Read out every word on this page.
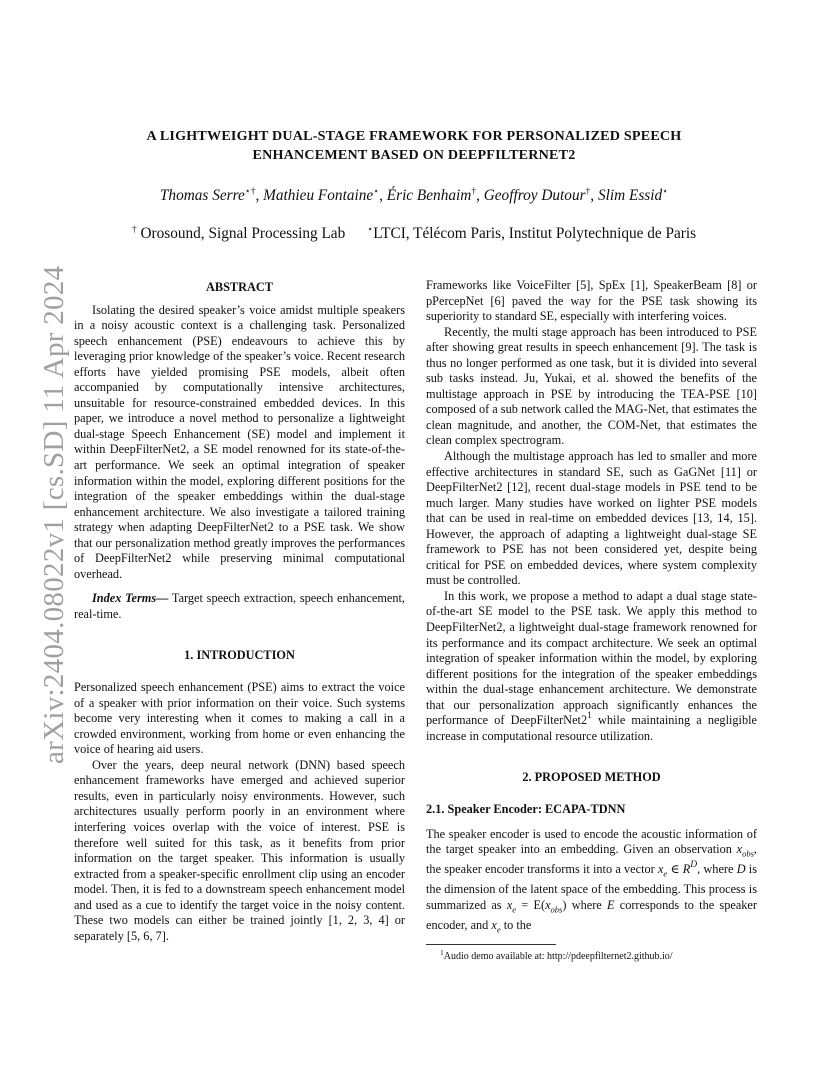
arXiv:2404.08022v1 [cs.SD] 11 Apr 2024
A LIGHTWEIGHT DUAL-STAGE FRAMEWORK FOR PERSONALIZED SPEECH
ENHANCEMENT BASED ON DEEPFILTERNET2
Thomas Serre⋆†, Mathieu Fontaine⋆, Éric Benhaim†, Geoffroy Dutour†, Slim Essid⋆
† Orosound, Signal Processing Lab ⋆LTCI, Télécom Paris, Institut Polytechnique de Paris
ABSTRACT

Isolating the desired speaker’s voice amidst multiple speakers in a noisy acoustic context is a challenging task. Personalized speech enhancement (PSE) endeavours to achieve this by leveraging prior knowledge of the speaker’s voice. Recent research efforts have yielded promising PSE models, albeit often accompanied by computationally intensive architectures, unsuitable for resource-constrained embedded devices. In this paper, we introduce a novel method to personalize a lightweight dual-stage Speech Enhancement (SE) model and implement it within DeepFilterNet2, a SE model renowned for its state-of-the-art performance. We seek an optimal integration of speaker information within the model, exploring different positions for the integration of the speaker embeddings within the dual-stage enhancement architecture. We also investigate a tailored training strategy when adapting DeepFilterNet2 to a PSE task. We show that our personalization method greatly improves the performances of DeepFilterNet2 while preserving minimal computational overhead.

Index Terms— Target speech extraction, speech enhancement, real-time.

1. INTRODUCTION

Personalized speech enhancement (PSE) aims to extract the voice of a speaker with prior information on their voice. Such systems become very interesting when it comes to making a call in a crowded environment, working from home or even enhancing the voice of hearing aid users.

Over the years, deep neural network (DNN) based speech enhancement frameworks have emerged and achieved superior results, even in particularly noisy environments. However, such architectures usually perform poorly in an environment where interfering voices overlap with the voice of interest. PSE is therefore well suited for this task, as it benefits from prior information on the target speaker. This information is usually extracted from a speaker-specific enrollment clip using an encoder model. Then, it is fed to a downstream speech enhancement model and used as a cue to identify the target voice in the noisy content. These two models can either be trained jointly [1, 2, 3, 4] or separately [5, 6, 7].

Frameworks like VoiceFilter [5], SpEx [1], SpeakerBeam [8] or pPercepNet [6] paved the way for the PSE task showing its superiority to standard SE, especially with interfering voices.

Recently, the multi stage approach has been introduced to PSE after showing great results in speech enhancement [9]. The task is thus no longer performed as one task, but it is divided into several sub tasks instead. Ju, Yukai, et al. showed the benefits of the multistage approach in PSE by introducing the TEA-PSE [10] composed of a sub network called the MAG-Net, that estimates the clean magnitude, and another, the COM-Net, that estimates the clean complex spectrogram.

Although the multistage approach has led to smaller and more effective architectures in standard SE, such as GaGNet [11] or DeepFilterNet2 [12], recent dual-stage models in PSE tend to be much larger. Many studies have worked on lighter PSE models that can be used in real-time on embedded devices [13, 14, 15]. However, the approach of adapting a lightweight dual-stage SE framework to PSE has not been considered yet, despite being critical for PSE on embedded devices, where system complexity must be controlled.

In this work, we propose a method to adapt a dual stage state-of-the-art SE model to the PSE task. We apply this method to DeepFilterNet2, a lightweight dual-stage framework renowned for its performance and its compact architecture. We seek an optimal integration of speaker information within the model, by exploring different positions for the integration of the speaker embeddings within the dual-stage enhancement architecture. We demonstrate that our personalization approach significantly enhances the performance of $DeepFilterNet2^1$ while maintaining a negligible increase in computational resource utilization.

2. PROPOSED METHOD
2.1. Speaker Encoder: ECAPA-TDNN

The speaker encoder is used to encode the acoustic information of the target speaker into an embedding. Given an observation $x_{obs}$, the speaker encoder transforms it into a vector $x_e$ ∈ $R^D$, where D is the dimension of the latent space of the embedding. This process is summarized as $x_e = E(x_{obs})$ where E corresponds to the speaker encoder, and $x_e$ to the

$^1$Audio demo available at: http://pdeepfilternet2.github.io/
